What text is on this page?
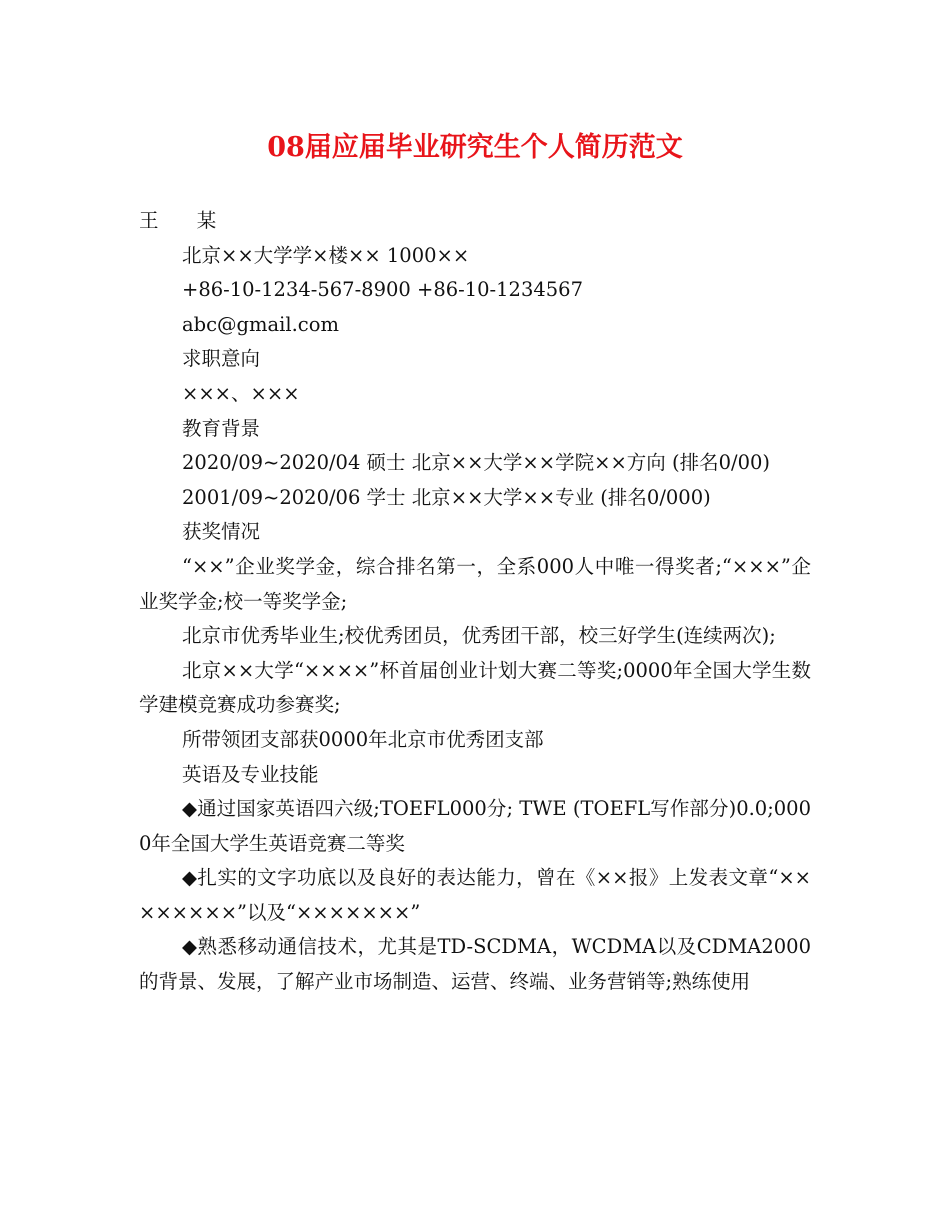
08届应届毕业研究生个人简历范文

王 某

北京××大学学×楼×× 1000××

+86-10-1234-567-8900 +86-10-1234567

abc@gmail.com

求职意向

×××、×××

教育背景

2020/09~2020/04 硕士 北京××大学××学院××方向 (排名0/00)

2001/09~2020/06 学士 北京××大学××专业 (排名0/000)

获奖情况

“××”企业奖学金，综合排名第一，全系000人中唯一得奖者;“×××”企业奖学金;校一等奖学金;

北京市优秀毕业生;校优秀团员，优秀团干部，校三好学生(连续两次);

北京××大学“××××”杯首届创业计划大赛二等奖;0000年全国大学生数学建模竞赛成功参赛奖;

所带领团支部获0000年北京市优秀团支部

英语及专业技能

◆通过国家英语四六级;TOEFL000分; TWE (TOEFL写作部分)0.0;0000年全国大学生英语竞赛二等奖

◆扎实的文字功底以及良好的表达能力，曾在《××报》上发表文章“××××××××”以及“×××××××”

◆熟悉移动通信技术，尤其是TD-SCDMA，WCDMA以及CDMA2000的背景、发展，了解产业市场制造、运营、终端、业务营销等;熟练使用
